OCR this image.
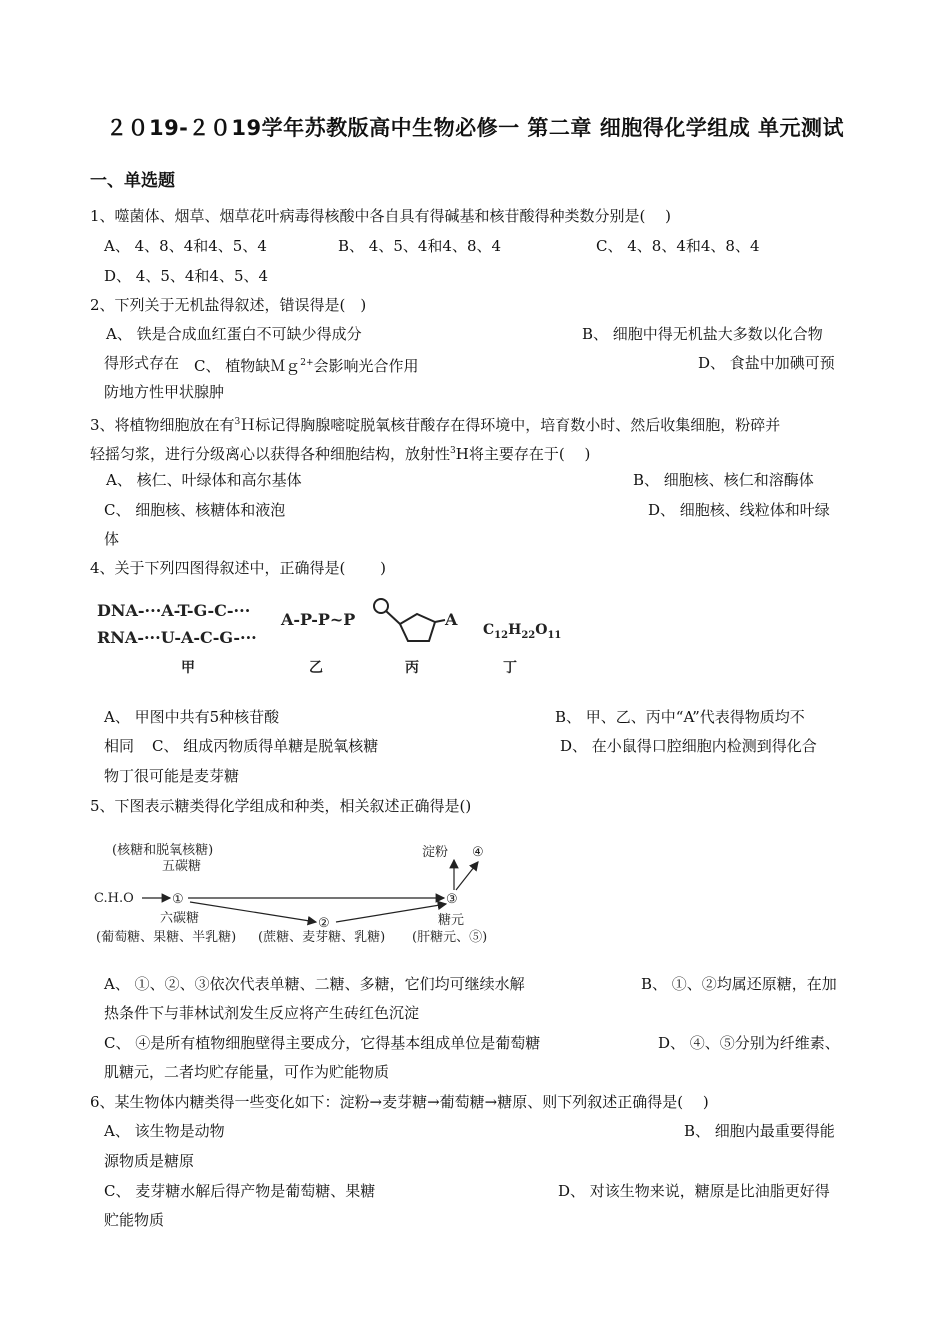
２０19-２０19学年苏教版高中生物必修一 第二章 细胞得化学组成 单元测试
一、单选题
1、噬菌体、烟草、烟草花叶病毒得核酸中各自具有得碱基和核苷酸得种类数分别是(　 )
A、 4、8、4和4、5、4	B、 4、5、4和4、8、4	C、 4、8、4和4、8、4
D、 4、5、4和4、5、4
2、下列关于无机盐得叙述，错误得是(　)
A、 铁是合成血红蛋白不可缺少得成分	B、 细胞中得无机盐大多数以化合物
得形式存在 C、 植物缺Ｍｇ$^{2+}$会影响光合作用	D、 食盐中加碘可预
防地方性甲状腺肿
3、将植物细胞放在有$^3$Ｈ标记得胸腺嘧啶脱氧核苷酸存在得环境中，培育数小时、然后收集细胞，粉碎并
轻摇匀浆，进行分级离心以获得各种细胞结构，放射性$^3$H将主要存在于(　 )
A、 核仁、叶绿体和高尔基体	B、 细胞核、核仁和溶酶体
C、 细胞核、核糖体和液泡	D、 细胞核、线粒体和叶绿
体
4、关于下列四图得叙述中，正确得是(　　 )
DNA-···A-T-G-C-···
RNA-···U-A-C-G-···
A-P-P~P	A
$C_{12}H_{22}O_{11}$
甲	乙	丙	丁
A、 甲图中共有5种核苷酸	B、 甲、乙、丙中“A”代表得物质均不
相同 C、 组成丙物质得单糖是脱氧核糖	D、 在小鼠得口腔细胞内检测到得化合
物丁很可能是麦芽糖
5、下图表示糖类得化学组成和种类，相关叙述正确得是()
(核糖和脱氧核糖)
五碳糖
C.H.O	①	③
②
淀粉 ④
六碳糖
(葡萄糖、果糖、半乳糖) (蔗糖、麦芽糖、乳糖)
糖元
(肝糖元、⑤)
A、 ①、②、③依次代表单糖、二糖、多糖，它们均可继续水解	B、 ①、②均属还原糖，在加
热条件下与菲林试剂发生反应将产生砖红色沉淀
C、 ④是所有植物细胞壁得主要成分，它得基本组成单位是葡萄糖	D、 ④、⑤分别为纤维素、
肌糖元，二者均贮存能量，可作为贮能物质
6、某生物体内糖类得一些变化如下：淀粉→麦芽糖→葡萄糖→糖原、则下列叙述正确得是(　 )
A、 该生物是动物	B、 细胞内最重要得能
源物质是糖原
C、 麦芽糖水解后得产物是葡萄糖、果糖	D、 对该生物来说，糖原是比油脂更好得
贮能物质
